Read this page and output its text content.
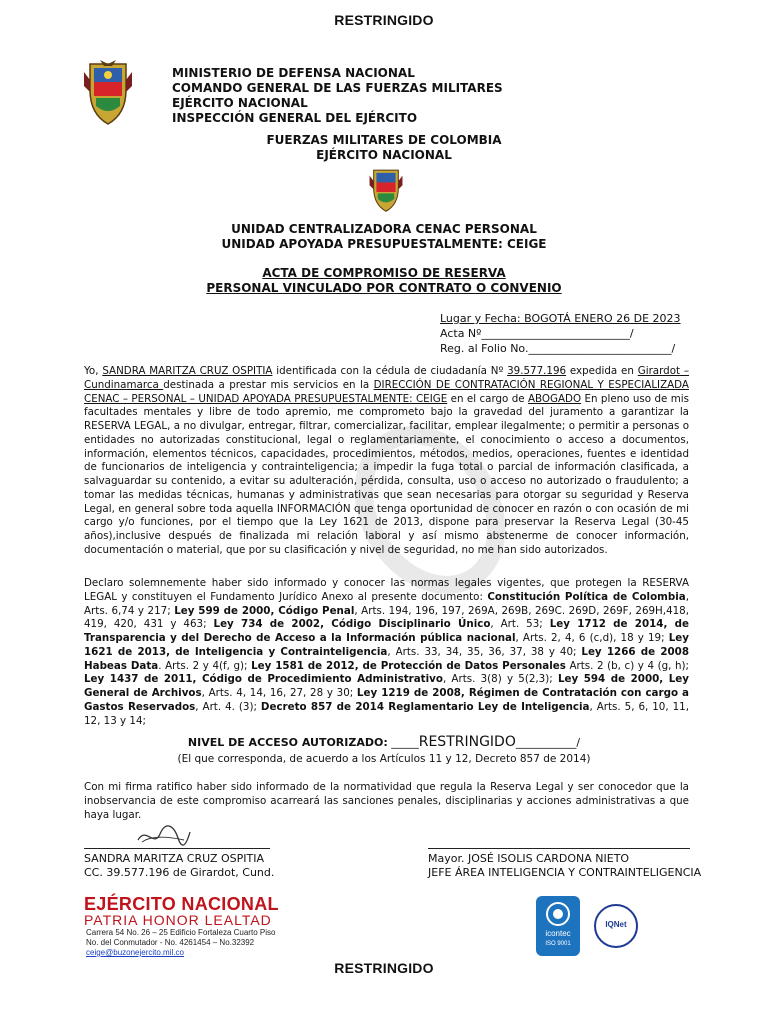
RESTRINGIDO
MINISTERIO DE DEFENSA NACIONAL
COMANDO GENERAL DE LAS FUERZAS MILITARES
EJÉRCITO NACIONAL
INSPECCIÓN GENERAL DEL EJÉRCITO
FUERZAS MILITARES DE COLOMBIA
EJÉRCITO NACIONAL
UNIDAD CENTRALIZADORA CENAC PERSONAL
UNIDAD APOYADA PRESUPUESTALMENTE: CEIGE
ACTA DE COMPROMISO DE RESERVA
PERSONAL VINCULADO POR CONTRATO O CONVENIO
Lugar y Fecha: BOGOTÁ ENERO 26 DE 2023
Acta Nº___________________________/
Reg. al Folio No.__________________________/
Yo, SANDRA MARITZA CRUZ OSPITIA identificada con la cédula de ciudadanía Nº 39.577.196 expedida en Girardot – Cundinamarca destinada a prestar mis servicios en la DIRECCIÓN DE CONTRATACIÓN REGIONAL Y ESPECIALIZADA CENAC – PERSONAL – UNIDAD APOYADA PRESUPUESTALMENTE: CEIGE en el cargo de ABOGADO En pleno uso de mis facultades mentales y libre de todo apremio, me comprometo bajo la gravedad del juramento a garantizar la RESERVA LEGAL, a no divulgar, entregar, filtrar, comercializar, facilitar, emplear ilegalmente; o permitir a personas o entidades no autorizadas constitucional, legal o reglamentariamente, el conocimiento o acceso a documentos, información, elementos técnicos, capacidades, procedimientos, métodos, medios, operaciones, fuentes e identidad de funcionarios de inteligencia y contrainteligencia; a impedir la fuga total o parcial de información clasificada, a salvaguardar su contenido, a evitar su adulteración, pérdida, consulta, uso o acceso no autorizado o fraudulento; a tomar las medidas técnicas, humanas y administrativas que sean necesarias para otorgar su seguridad y Reserva Legal, en general sobre toda aquella INFORMACIÓN que tenga oportunidad de conocer en razón o con ocasión de mi cargo y/o funciones, por el tiempo que la Ley 1621 de 2013, dispone para preservar la Reserva Legal (30-45 años),inclusive después de finalizada mi relación laboral y así mismo abstenerme de conocer información, documentación o material, que por su clasificación y nivel de seguridad, no me han sido autorizados.
Declaro solemnemente haber sido informado y conocer las normas legales vigentes, que protegen la RESERVA LEGAL y constituyen el Fundamento Jurídico Anexo al presente documento: Constitución Política de Colombia, Arts. 6,74 y 217; Ley 599 de 2000, Código Penal, Arts. 194, 196, 197, 269A, 269B, 269C. 269D, 269F, 269H,418, 419, 420, 431 y 463; Ley 734 de 2002, Código Disciplinario Único, Art. 53; Ley 1712 de 2014, de Transparencia y del Derecho de Acceso a la Información pública nacional, Arts. 2, 4, 6 (c,d), 18 y 19; Ley 1621 de 2013, de Inteligencia y Contrainteligencia, Arts. 33, 34, 35, 36, 37, 38 y 40; Ley 1266 de 2008 Habeas Data. Arts. 2 y 4(f, g); Ley 1581 de 2012, de Protección de Datos Personales Arts. 2 (b, c) y 4 (g, h); Ley 1437 de 2011, Código de Procedimiento Administrativo, Arts. 3(8) y 5(2,3); Ley 594 de 2000, Ley General de Archivos, Arts. 4, 14, 16, 27, 28 y 30; Ley 1219 de 2008, Régimen de Contratación con cargo a Gastos Reservados, Art. 4. (3); Decreto 857 de 2014 Reglamentario Ley de Inteligencia, Arts. 5, 6, 10, 11, 12, 13 y 14;
NIVEL DE ACCESO AUTORIZADO: _____RESTRINGIDO___________/
(El que corresponda, de acuerdo a los Artículos 11 y 12, Decreto 857 de 2014)
Con mi firma ratifico haber sido informado de la normatividad que regula la Reserva Legal y ser conocedor que la inobservancia de este compromiso acarreará las sanciones penales, disciplinarias y acciones administrativas a que haya lugar.
SANDRA MARITZA CRUZ OSPITIA
CC. 39.577.196 de Girardot, Cund.
Mayor. JOSÉ ISOLIS CARDONA NIETO
JEFE ÁREA INTELIGENCIA Y CONTRAINTELIGENCIA
EJÉRCITO NACIONAL
PATRIA HONOR LEALTAD
Carrera 54 No. 26 – 25 Edificio Fortaleza Cuarto Piso
No. del Conmutador - No. 4261454 – No.32392
ceige@buzonejercito.mil.co
icontec
ISO 9001
IQNet
RESTRINGIDO
